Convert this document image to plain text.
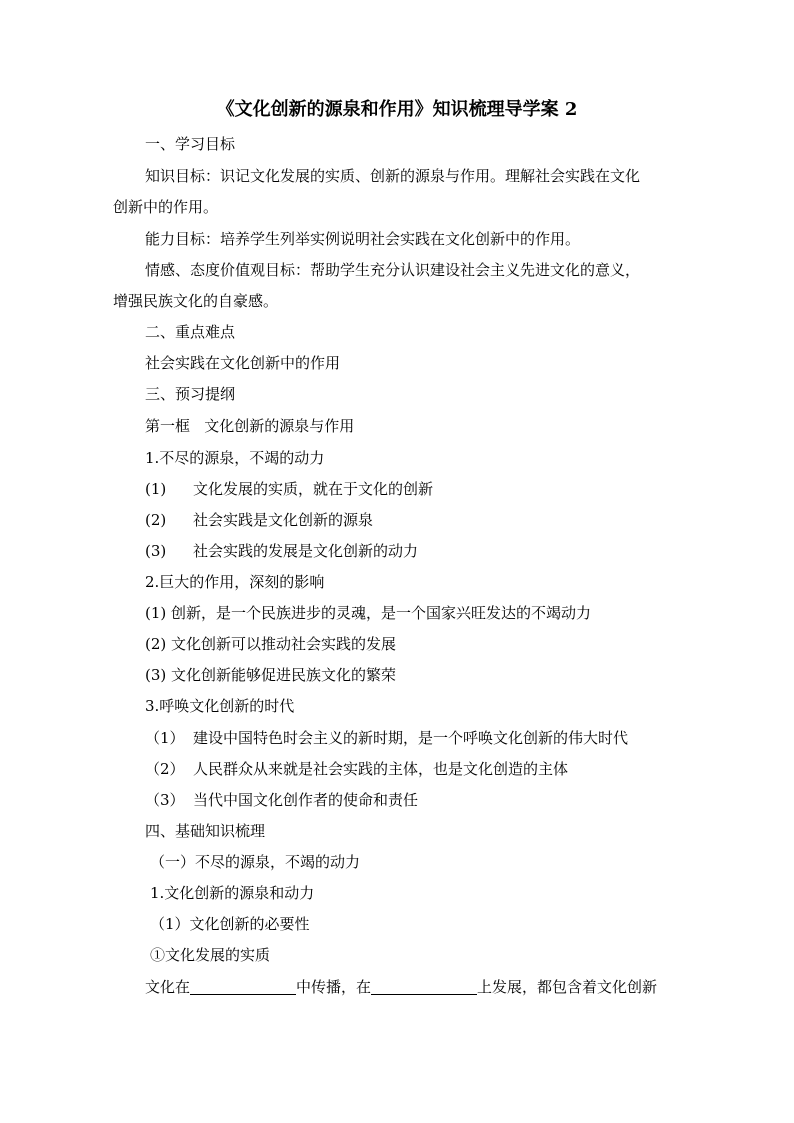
《文化创新的源泉和作用》知识梳理导学案 2
一、学习目标
知识目标：识记文化发展的实质、创新的源泉与作用。理解社会实践在文化
创新中的作用。
能力目标：培养学生列举实例说明社会实践在文化创新中的作用。
情感、态度价值观目标：帮助学生充分认识建设社会主义先进文化的意义，
增强民族文化的自豪感。
二、重点难点
社会实践在文化创新中的作用
三、预习提纲
第一框   文化创新的源泉与作用
1.不尽的源泉，不竭的动力
(1) 文化发展的实质，就在于文化的创新
(2) 社会实践是文化创新的源泉
(3) 社会实践的发展是文化创新的动力
2.巨大的作用，深刻的影响
(1) 创新，是一个民族进步的灵魂，是一个国家兴旺发达的不竭动力
(2) 文化创新可以推动社会实践的发展
(3) 文化创新能够促进民族文化的繁荣
3.呼唤文化创新的时代
（1） 建设中国特色时会主义的新时期，是一个呼唤文化创新的伟大时代
（2） 人民群众从来就是社会实践的主体，也是文化创造的主体
（3） 当代中国文化创作者的使命和责任
四、基础知识梳理
（一）不尽的源泉，不竭的动力
1.文化创新的源泉和动力
（1）文化创新的必要性
①文化发展的实质
文化在	中传播，在	上发展，都包含着文化创新
